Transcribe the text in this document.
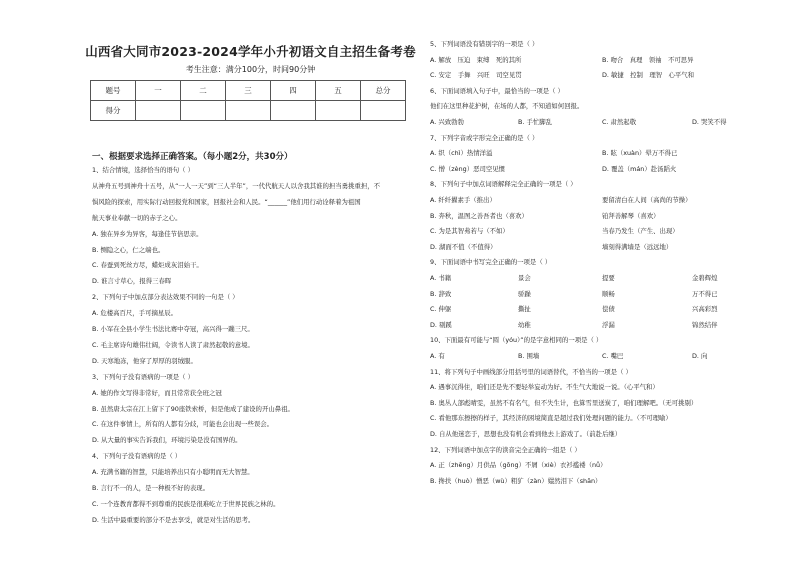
山西省大同市2023-2024学年小升初语文自主招生备考卷
考生注意：满分100分，时间90分钟
题号	一	二	三	四	五	总分
得分						
一、根据要求选择正确答案。（每小题2分，共30分）
1、结合情境，选择恰当的语句（ ）
从神舟五号到神舟十五号，从“一人一天”到“三人半年”，一代代航天人以舍我其谁的担当勇挑重担，不
惧风险的探索，用实际行动回报党和国家，回报社会和人民。“______”他们用行动诠释着为祖国
航天事业奉献一切的赤子之心。
A. 独在异乡为异客，每逢佳节倍思亲。
B. 恻隐之心，仁之端也。
C. 春蚕到死丝方尽，蜡炬成灰泪始干。
D. 谁言寸草心，报得三春晖
2、下列句子中加点部分表达效果不同的一句是（ ）
A. 危楼高百尺，手可摘星辰。
B. 小军在全县小学生书法比赛中夺冠，高兴得一蹦三尺。
C. 毛主席诗句雄伟壮阔，令读书人读了肃然起敬的意境。
D. 天寒地冻，他穿了厚厚的羽绒服。
3、下列句子没有语病的一项是（ ）
A. 她的作文写得非常好，而且常常获全班之冠
B. 虽然唐太宗在江上留下了90座铁索桥，但是他成了建设的开山鼻祖。
C. 在这件事情上，所有的人都有分歧，可能也会出现一些误会。
D. 从大量的事实告诉我们，环境污染是没有国界的。
4、下列句子没有语病的是（ ）
A. 充满书籍的智慧，只能培养出只有小聪明而无大智慧。
B. 言行不一的人，是一种极不好的表现。
C. 一个连教育都得不到尊重的民族是很难屹立于世界民族之林的。
D. 生活中最重要的部分不是去享受，就是对生活的思考。
5、下列词语没有错别字的一项是（ ）
A. 解放　压迫　束缚　死的其所	B. 吻合　真理　领袖　不可思异
C. 安定　手舞　兴旺　司空见贯	D. 敏捷　控制　理智　心平气和
6、下面词语填入句子中，最恰当的一项是（ ）
他们在这里种花护树，在场的人都，不知道如何回报。
A. 兴致勃勃	B. 手忙脚乱	C. 肃然起敬	D. 哭笑不得
7、下列字音或字形完全正确的是（ ）
A. 织（chì）热情洋溢	B. 眩（xuàn）晕万不得已
C. 憎（zèng）恶司空见惯	D. 覆盖（mán）赴汤蹈火
8、下列句子中加点词语解释完全正确的一项是（ ）
A. 纤纤擢素手（推出）	要留清白在人间（高尚的节操）
B. 奔秋，温图之善吾者也（喜欢）	铂拜善解琴（喜欢）
C. 为是其智弗若与（不如）	当春乃发生（产生、出现）
D. 湖面不值（不值得）	墙刻得满墙是（远远地）
9、下面词语中书写完全正确的一项是（ ）
A. 书籍	景会	提要	金碧辉煌
B. 辞致	骄躁	顺畅	万不得已
C. 伸躯	撕扯	偿债	兴高彩烈
D. 剔蹊	幼稚	浮漏	锦然结伴
10、下面最有可能与“圆（yóu）”的是字意相同的一项是（ ）
A. 有	B. 围墙	C. 嘴巴	D. 向
11、将下列句子中画线部分用括号里的词语替代，不恰当的一项是（ ）
A. 遇事沉得住，咱们还是先不要轻举妄动为好。不生气大地说一说。（心平气和）
B. 奥丛人部彪晴雯，虽然不有名气，但不失生计，也算雪里送炭了，咱们理解吧。（无可挑剔）
C. 看他那东擦擦的样子，其经济的困境简直是超过我们处理问题的能力。（不可理喻）
D. 自从他迷恋于，思想也没有机会看到他去上游戏了。（前赴后继）
12、下列词语中加点字的读音完全正确的一组是（ ）
A. 正（zhēng）月供品（gōng）不屑（xiè）衣衫褴褛（nǚ）
B. 搀扶（huò）憎恶（wù）粗犷（zàn）媸然泪下（shān）
